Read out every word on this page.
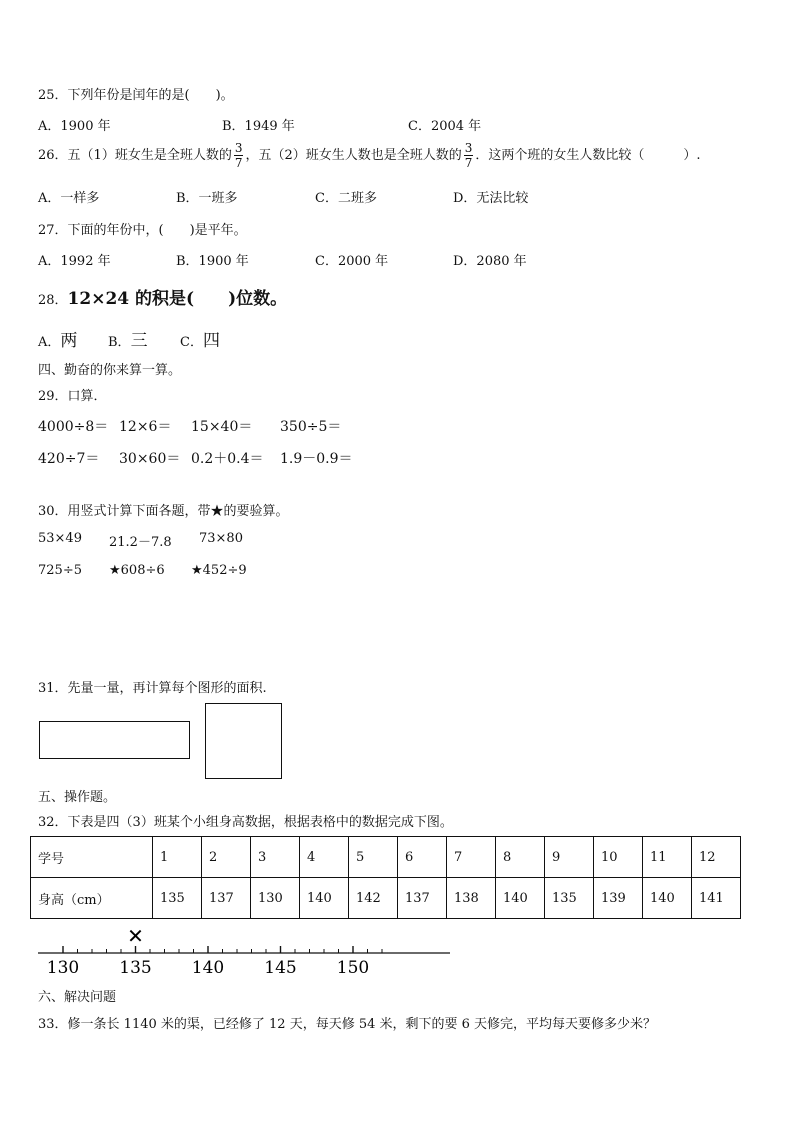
25．下列年份是闰年的是(　　)。
A．1900 年	B．1949 年	C．2004 年
26．五（1）班女生是全班人数的 $\frac{3}{7}$ ，五（2）班女生人数也是全班人数的 $\frac{3}{7}$ ．这两个班的女生人数比较（　　　）.
A．一样多	B．一班多	C．二班多	D．无法比较
27．下面的年份中，(　　)是平年。
A．1992 年	B．1900 年	C．2000 年	D．2080 年
28．12×24 的积是(　　)位数。
A．两 B．三 C．四
四、勤奋的你来算一算。
29．口算．
4000÷8＝ 12×6＝ 15×40＝ 350÷5＝
420÷7＝ 30×60＝ 0.2＋0.4＝ 1.9－0.9＝
30．用竖式计算下面各题，带★的要验算。
53×49 21.2－7.8 73×80
725÷5 ★608÷6 ★452÷9
31．先量一量，再计算每个图形的面积.
五、操作题。
32．下表是四（3）班某个小组身高数据，根据表格中的数据完成下图。
学号	1	2	3	4	5	6	7	8	9	10	11	12
身高（cm）	135	137	130	140	142	137	138	140	135	139	140	141
130 135 140 145 150
✕
六、解决问题
33．修一条长 1140 米的渠，已经修了 12 天，每天修 54 米，剩下的要 6 天修完，平均每天要修多少米？
